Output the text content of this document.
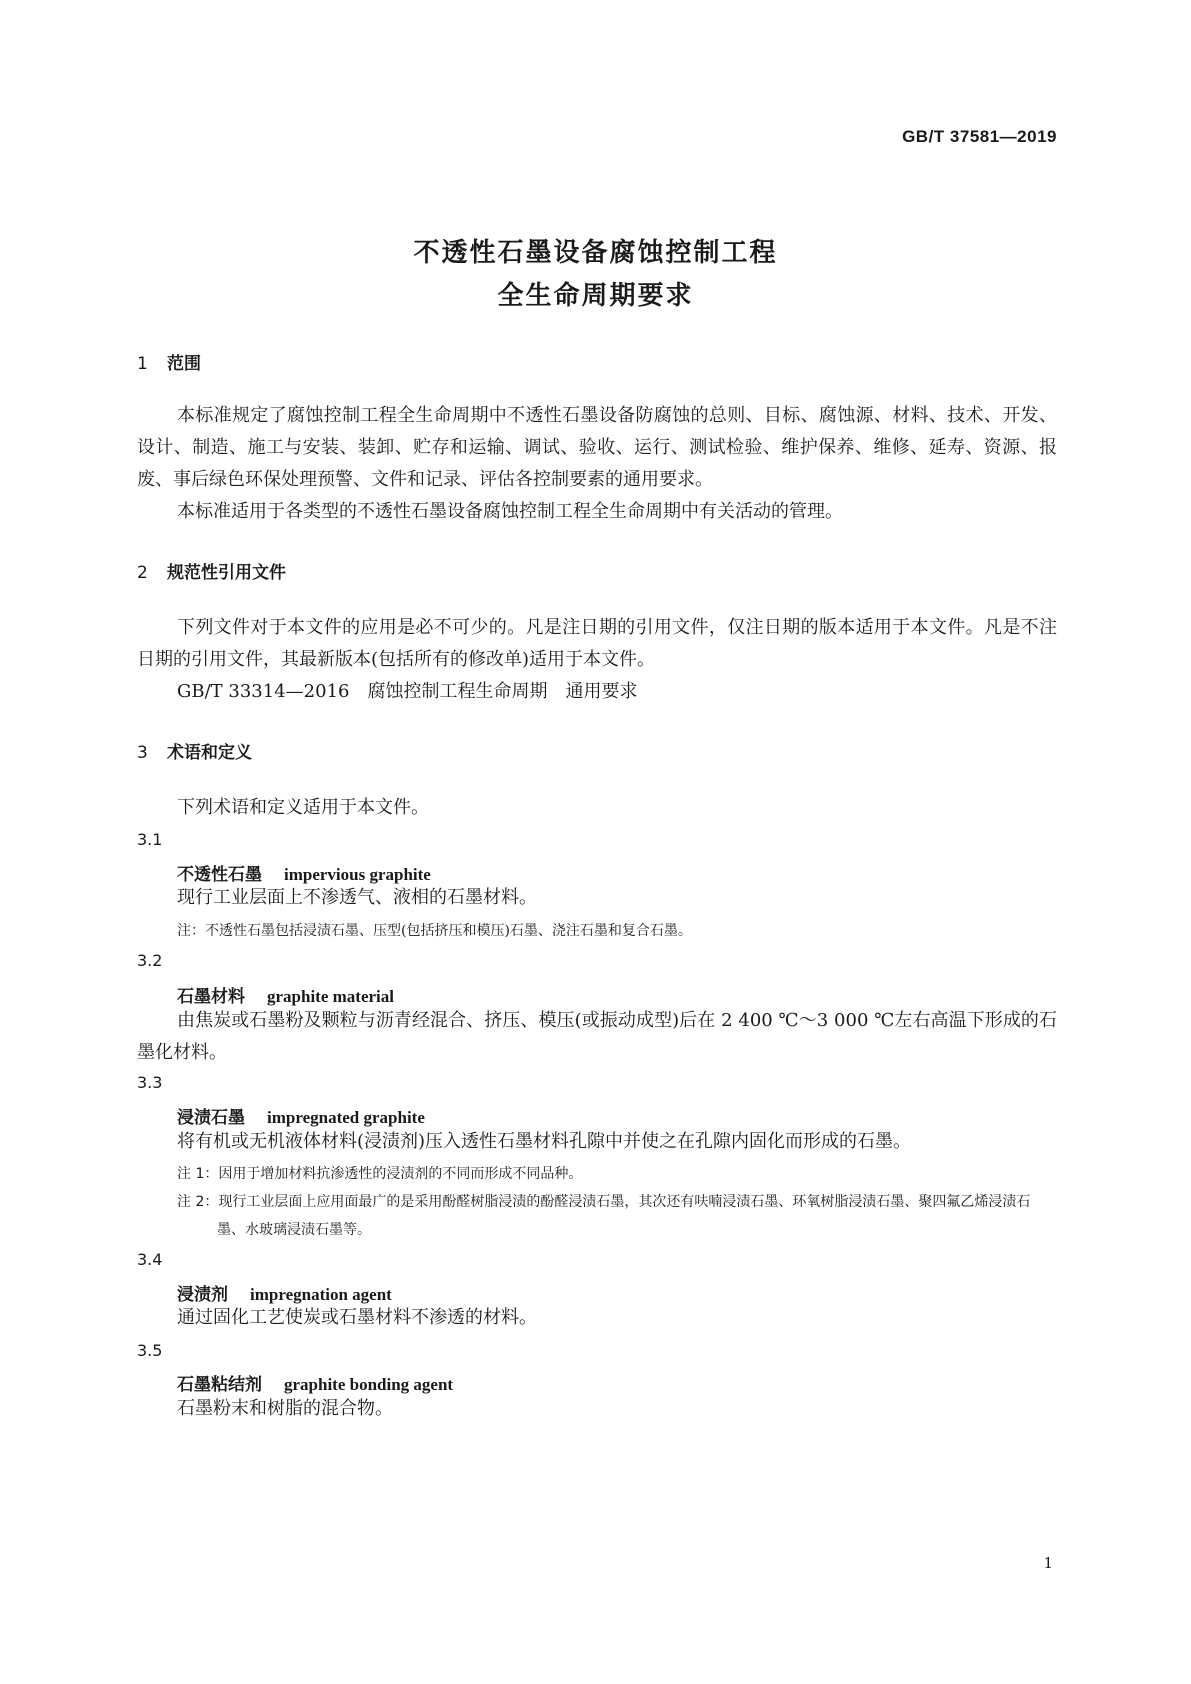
GB/T 37581—2019
不透性石墨设备腐蚀控制工程
全生命周期要求
1 范围

本标准规定了腐蚀控制工程全生命周期中不透性石墨设备防腐蚀的总则、目标、腐蚀源、材料、技术、开发、设计、制造、施工与安装、装卸、贮存和运输、调试、验收、运行、测试检验、维护保养、维修、延寿、资源、报废、事后绿色环保处理预警、文件和记录、评估各控制要素的通用要求。

本标准适用于各类型的不透性石墨设备腐蚀控制工程全生命周期中有关活动的管理。

2 规范性引用文件

下列文件对于本文件的应用是必不可少的。凡是注日期的引用文件，仅注日期的版本适用于本文件。凡是不注日期的引用文件，其最新版本(包括所有的修改单)适用于本文件。

GB/T 33314—2016　腐蚀控制工程生命周期　通用要求
3 术语和定义
下列术语和定义适用于本文件。
3.1
不透性石墨 impervious graphite
现行工业层面上不渗透气、液相的石墨材料。
注：不透性石墨包括浸渍石墨、压型(包括挤压和模压)石墨、浇注石墨和复合石墨。
3.2
石墨材料 graphite material

由焦炭或石墨粉及颗粒与沥青经混合、挤压、模压(或振动成型)后在 2 400 ℃～3 000 ℃左右高温下形成的石墨化材料。

3.3
浸渍石墨 impregnated graphite
将有机或无机液体材料(浸渍剂)压入透性石墨材料孔隙中并使之在孔隙内固化而形成的石墨。
注 1：因用于增加材料抗渗透性的浸渍剂的不同而形成不同品种。
注 2：现行工业层面上应用面最广的是采用酚醛树脂浸渍的酚醛浸渍石墨，其次还有呋喃浸渍石墨、环氧树脂浸渍石墨、聚四氟乙烯浸渍石墨、水玻璃浸渍石墨等。
3.4
浸渍剂 impregnation agent
通过固化工艺使炭或石墨材料不渗透的材料。
3.5
石墨粘结剂 graphite bonding agent
石墨粉末和树脂的混合物。
1
